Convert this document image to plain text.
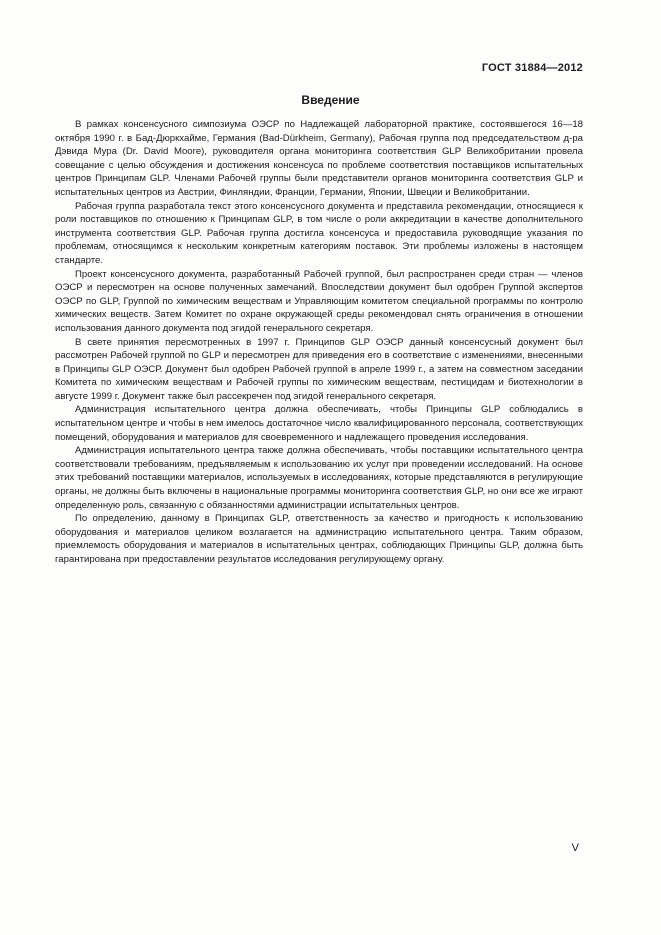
ГОСТ 31884—2012
Введение

В рамках консенсусного симпозиума ОЭСР по Надлежащей лабораторной практике, состоявшегося 16—18 октября 1990 г. в Бад-Дюркхайме, Германия (Bad-Dürkheim, Germany), Рабочая группа под председательством д-ра Дэвида Мура (Dr. David Moore), руководителя органа мониторинга соответствия GLP Великобритании провела совещание с целью обсуждения и достижения консенсуса по проблеме соответствия поставщиков испытательных центров Принципам GLP. Членами Рабочей группы были представители органов мониторинга соответствия GLP и испытательных центров из Австрии, Финляндии, Франции, Германии, Японии, Швеции и Великобритании.

Рабочая группа разработала текст этого консенсусного документа и представила рекомендации, относящиеся к роли поставщиков по отношению к Принципам GLP, в том числе о роли аккредитации в качестве дополнительного инструмента соответствия GLP. Рабочая группа достигла консенсуса и предоставила руководящие указания по проблемам, относящимся к нескольким конкретным категориям поставок. Эти проблемы изложены в настоящем стандарте.

Проект консенсусного документа, разработанный Рабочей группой, был распространен среди стран — членов ОЭСР и пересмотрен на основе полученных замечаний. Впоследствии документ был одобрен Группой экспертов ОЭСР по GLP, Группой по химическим веществам и Управляющим комитетом специальной программы по контролю химических веществ. Затем Комитет по охране окружающей среды рекомендовал снять ограничения в отношении использования данного документа под эгидой генерального секретаря.

В свете принятия пересмотренных в 1997 г. Принципов GLP ОЭСР данный консенсусный документ был рассмотрен Рабочей группой по GLP и пересмотрен для приведения его в соответствие с изменениями, внесенными в Принципы GLP ОЭСР. Документ был одобрен Рабочей группой в апреле 1999 г., а затем на совместном заседании Комитета по химическим веществам и Рабочей группы по химическим веществам, пестицидам и биотехнологии в августе 1999 г. Документ также был рассекречен под эгидой генерального секретаря.

Администрация испытательного центра должна обеспечивать, чтобы Принципы GLP соблюдались в испытательном центре и чтобы в нем имелось достаточное число квалифицированного персонала, соответствующих помещений, оборудования и материалов для своевременного и надлежащего проведения исследования.

Администрация испытательного центра также должна обеспечивать, чтобы поставщики испытательного центра соответствовали требованиям, предъявляемым к использованию их услуг при проведении исследований. На основе этих требований поставщики материалов, используемых в исследованиях, которые представляются в регулирующие органы, не должны быть включены в национальные программы мониторинга соответствия GLP, но они все же играют определенную роль, связанную с обязанностями администрации испытательных центров.

По определению, данному в Принципах GLP, ответственность за качество и пригодность к использованию оборудования и материалов целиком возлагается на администрацию испытательного центра. Таким образом, приемлемость оборудования и материалов в испытательных центрах, соблюдающих Принципы GLP, должна быть гарантирована при предоставлении результатов исследования регулирующему органу.

V
